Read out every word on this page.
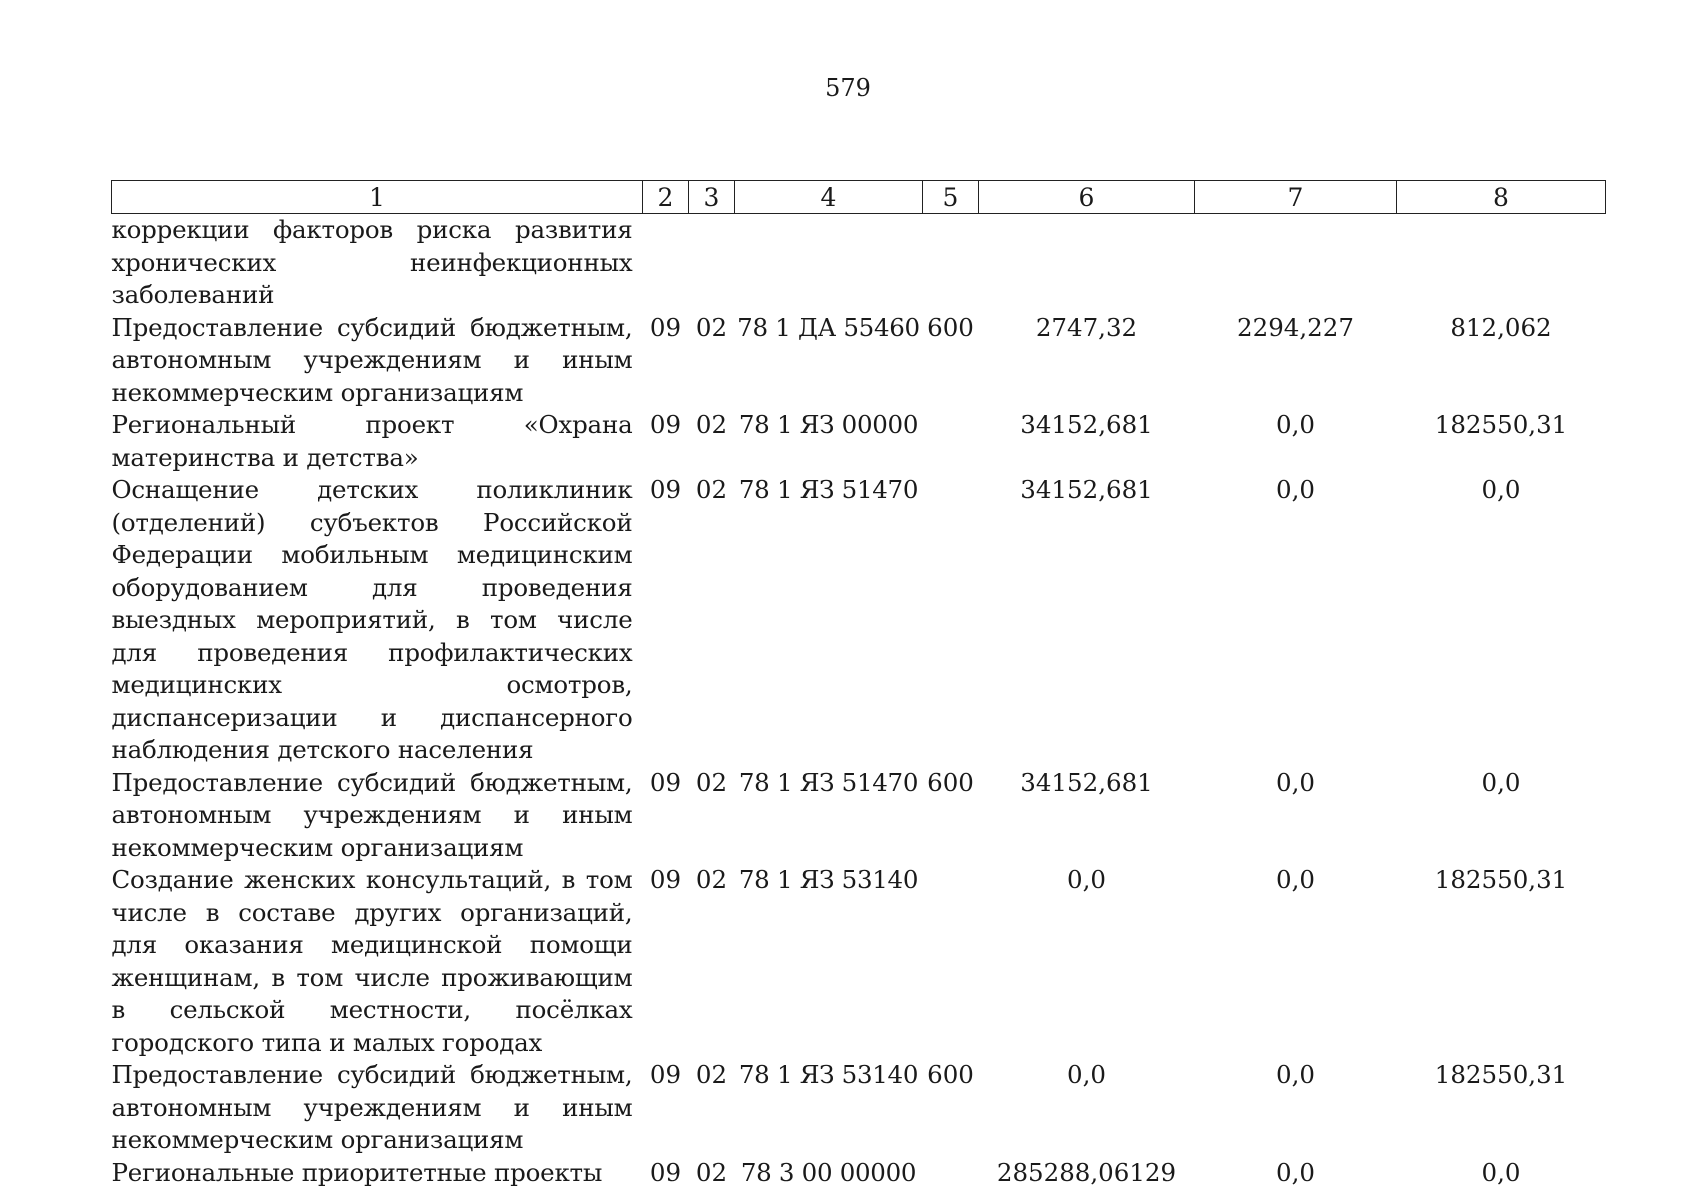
579
1	2	3	4	5	6	7	8
коррекции факторов риска развития хронических неинфекционных заболеваний							
Предоставление субсидий бюджетным, автономным учреждениям и иным некоммерческим организациям	09	02	78 1 ДА 55460	600	2747,32	2294,227	812,062
Региональный проект «Охрана материнства и детства»	09	02	78 1 ЯЗ 00000		34152,681	0,0	182550,31
Оснащение детских поликлиник (отделений) субъектов Российской Федерации мобильным медицинским оборудованием для проведения выездных мероприятий, в том числе для проведения профилактических медицинских осмотров, диспансеризации и диспансерного наблюдения детского населения	09	02	78 1 ЯЗ 51470		34152,681	0,0	0,0
Предоставление субсидий бюджетным, автономным учреждениям и иным некоммерческим организациям	09	02	78 1 ЯЗ 51470	600	34152,681	0,0	0,0
Создание женских консультаций, в том числе в составе других организаций, для оказания медицинской помощи женщинам, в том числе проживающим в сельской местности, посёлках городского типа и малых городах	09	02	78 1 ЯЗ 53140		0,0	0,0	182550,31
Предоставление субсидий бюджетным, автономным учреждениям и иным некоммерческим организациям	09	02	78 1 ЯЗ 53140	600	0,0	0,0	182550,31
Региональные приоритетные проекты	09	02	78 3 00 00000		285288,06129	0,0	0,0
